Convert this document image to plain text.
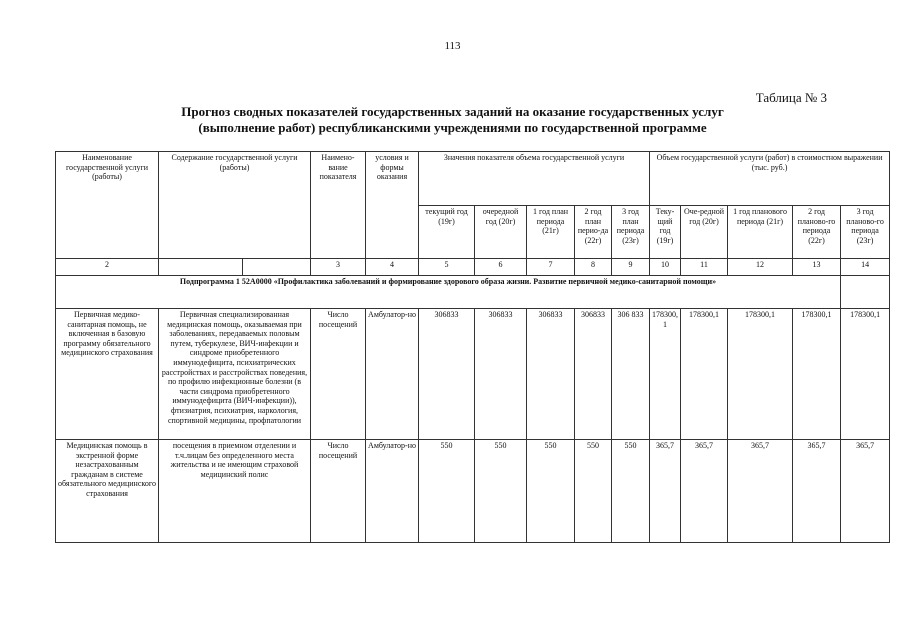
113
Таблица № 3
Прогноз сводных показателей государственных заданий на оказание государственных услуг
(выполнение работ) республиканскими учреждениями по государственной программе
Наименование государственной услуги (работы)	Содержание государственной услуги (работы)		Наимено-вание показателя	условия и формы оказания	Значения показателя объема государственной услуги					Объем государственной услуги (работ) в стоимостном выражении (тыс. руб.)				
					текущий год (19г)	очередной год (20г)	1 год план периода (21г)	2 год план перио-да (22г)	3 год план периода (23г)	Теку-щий год (19г)	Оче-редной год (20г)	1 год планового периода (21г)	2 год планово-го периода (22г)	3 год планово-го периода (23г)
2			3	4	5	6	7	8	9	10	11	12	13	14
Подпрограмма 1 52А0000 «Профилактика заболеваний и формирование здорового образа жизни. Развитие первичной медико-санитарной помощи»														
Первичная медико-санитарная помощь, не включенная в базовую программу обязательного медицинского страхования	Первичная специализированная медицинская помощь, оказываемая при заболеваниях, передаваемых половым путем, туберкулезе, ВИЧ-инфекции и синдроме приобретенного иммунодефицита, психиатрических расстройствах и расстройствах поведения, по профилю инфекционные болезни (в части синдрома приобретенного иммунодефицита (ВИЧ-инфекции)), фтизиатрия, психиатрия, наркология, спортивной медицины, профпатологии		Число посещений	Амбулатор-но	306833	306833	306833	306833	306 833	178300, 1	178300,1	178300,1	178300,1	178300,1
Медицинская помощь в экстренной форме незастрахованным гражданам в системе обязательного медицинского страхования	посещения в приемном отделении и т.ч.лицам без определенного места жительства и не имеющим страховой медицинский полис		Число посещений	Амбулатор-но	550	550	550	550	550	365,7	365,7	365,7	365,7	365,7
